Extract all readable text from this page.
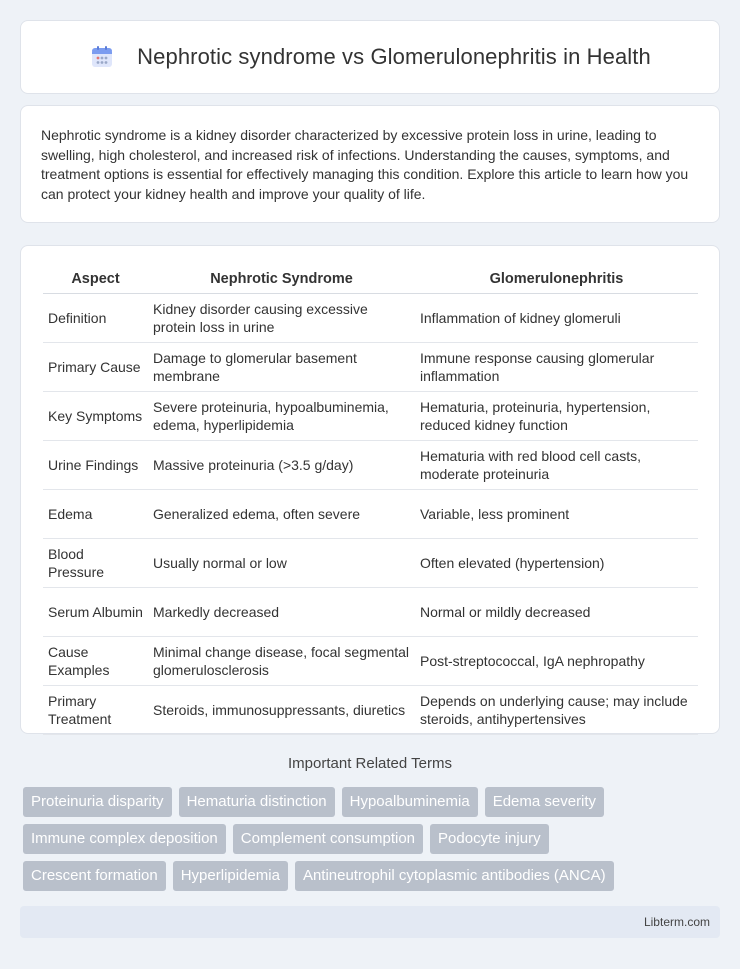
Nephrotic syndrome vs Glomerulonephritis in Health

Nephrotic syndrome is a kidney disorder characterized by excessive protein loss in urine, leading to swelling, high cholesterol, and increased risk of infections. Understanding the causes, symptoms, and treatment options is essential for effectively managing this condition. Explore this article to learn how you can protect your kidney health and improve your quality of life.

Aspect	Nephrotic Syndrome	Glomerulonephritis
Definition	Kidney disorder causing excessive protein loss in urine	Inflammation of kidney glomeruli
Primary Cause	Damage to glomerular basement membrane	Immune response causing glomerular inflammation
Key Symptoms	Severe proteinuria, hypoalbuminemia, edema, hyperlipidemia	Hematuria, proteinuria, hypertension, reduced kidney function
Urine Findings	Massive proteinuria (>3.5 g/day)	Hematuria with red blood cell casts, moderate proteinuria
Edema	Generalized edema, often severe	Variable, less prominent
Blood Pressure	Usually normal or low	Often elevated (hypertension)
Serum Albumin	Markedly decreased	Normal or mildly decreased
Cause Examples	Minimal change disease, focal segmental glomerulosclerosis	Post-streptococcal, IgA nephropathy
Primary Treatment	Steroids, immunosuppressants, diuretics	Depends on underlying cause; may include steroids, antihypertensives
Important Related Terms
Proteinuria disparity	Hematuria distinction	Hypoalbuminemia	Edema severity
Immune complex deposition	Complement consumption	Podocyte injury
Crescent formation	Hyperlipidemia	Antineutrophil cytoplasmic antibodies (ANCA)
Libterm.com
